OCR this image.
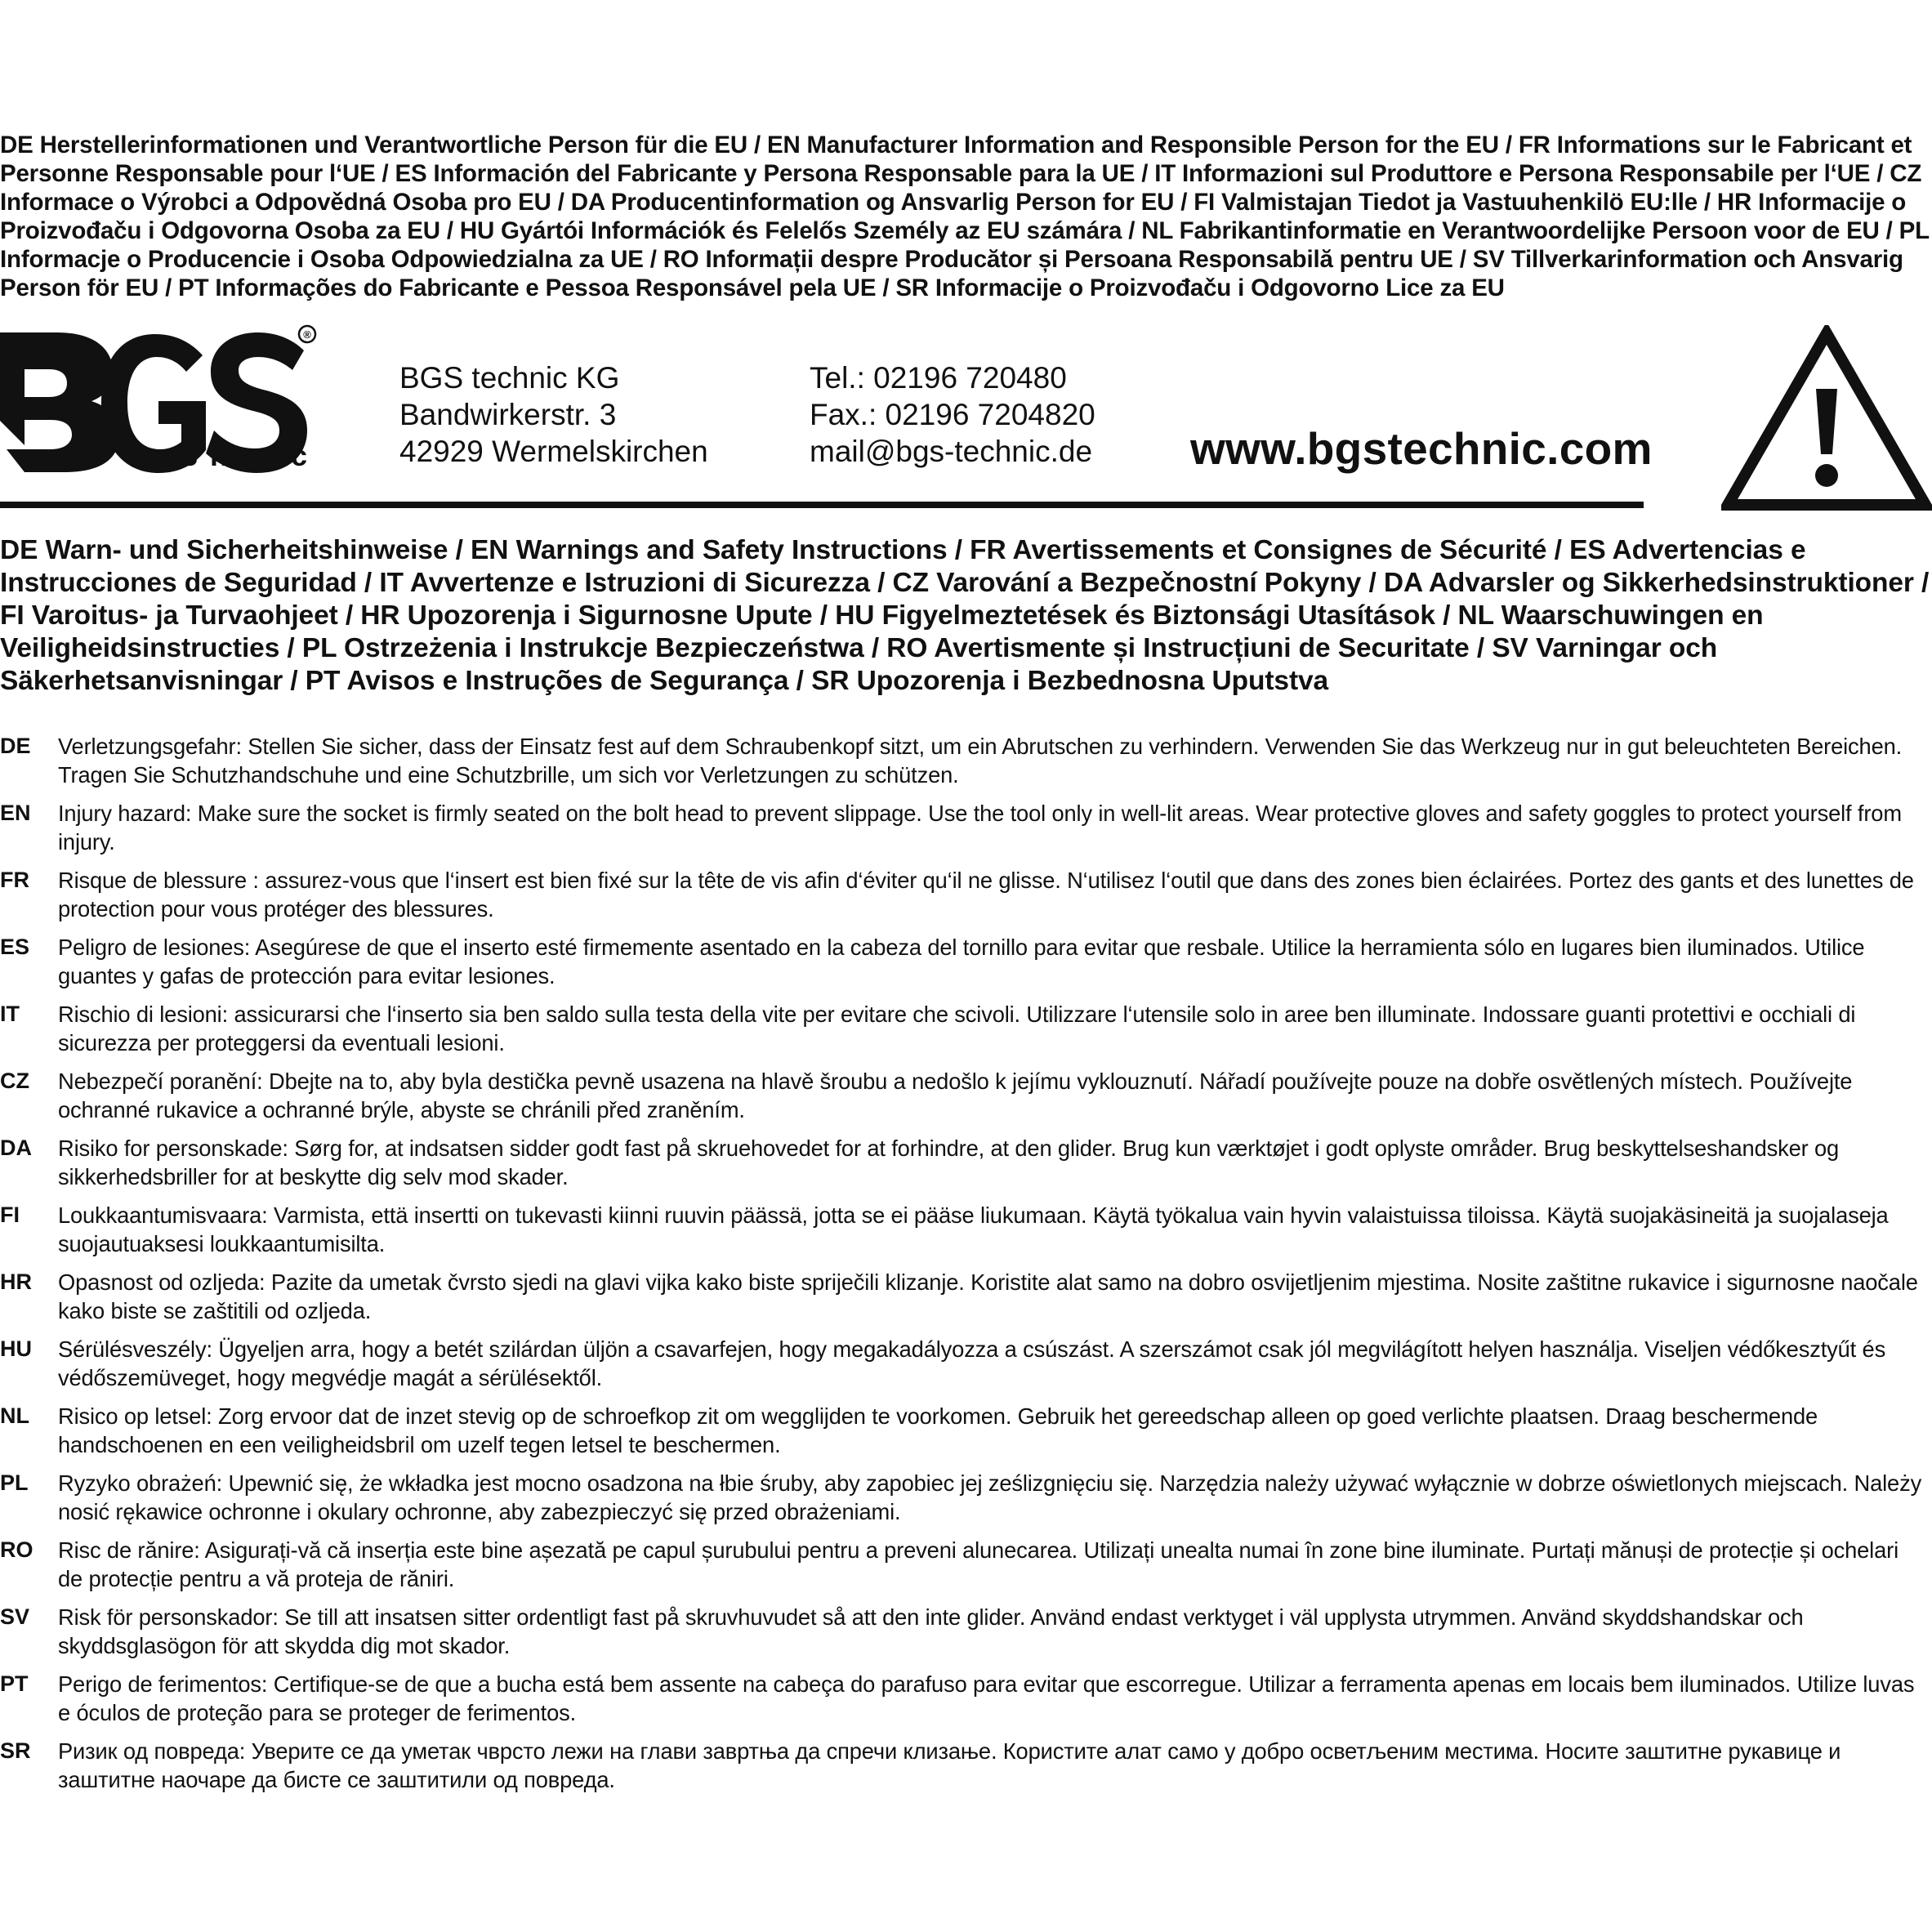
DE Herstellerinformationen und Verantwortliche Person für die EU / EN Manufacturer Information and Responsible Person for the EU / FR Informations sur le Fabricant et Personne Responsable pour l‘UE / ES Información del Fabricante y Persona Responsable para la UE / IT Informazioni sul Produttore e Persona Responsabile per l‘UE / CZ Informace o Výrobci a Odpovědná Osoba pro EU / DA Producentinformation og Ansvarlig Person for EU / FI Valmistajan Tiedot ja Vastuuhenkilö EU:lle / HR Informacije o Proizvođaču i Odgovorna Osoba za EU / HU Gyártói Információk és Felelős Személy az EU számára / NL Fabrikantinformatie en Verantwoordelijke Persoon voor de EU / PL Informacje o Producencie i Osoba Odpowiedzialna za UE / RO Informații despre Producător și Persoana Responsabilă pentru UE / SV Tillverkarinformation och Ansvarig Person för EU / PT Informações do Fabricante e Pessoa Responsável pela UE / SR Informacije o Proizvođaču i Odgovorno Lice za EU
®
technic
BGS technic KG
Bandwirkerstr. 3
42929 Wermelskirchen
Tel.: 02196 720480
Fax.: 02196 7204820
mail@bgs-technic.de www.bgstechnic.com
DE Warn- und Sicherheitshinweise / EN Warnings and Safety Instructions / FR Avertissements et Consignes de Sécurité / ES Advertencias e Instrucciones de Seguridad / IT Avvertenze e Istruzioni di Sicurezza / CZ Varování a Bezpečnostní Pokyny / DA Advarsler og Sikkerhedsinstruktioner / FI Varoitus- ja Turvaohjeet / HR Upozorenja i Sigurnosne Upute / HU Figyelmeztetések és Biztonsági Utasítások / NL Waarschuwingen en Veiligheidsinstructies / PL Ostrzeżenia i Instrukcje Bezpieczeństwa / RO Avertismente și Instrucțiuni de Securitate / SV Varningar och Säkerhetsanvisningar / PT Avisos e Instruções de Segurança / SR Upozorenja i Bezbednosna Uputstva
DE Verletzungsgefahr: Stellen Sie sicher, dass der Einsatz fest auf dem Schraubenkopf sitzt, um ein Abrutschen zu verhindern. Verwenden Sie das Werkzeug nur in gut beleuchteten Bereichen. Tragen Sie Schutzhandschuhe und eine Schutzbrille, um sich vor Verletzungen zu schützen.
EN Injury hazard: Make sure the socket is firmly seated on the bolt head to prevent slippage. Use the tool only in well-lit areas. Wear protective gloves and safety goggles to protect yourself from injury.
FR Risque de blessure : assurez-vous que l‘insert est bien fixé sur la tête de vis afin d‘éviter qu‘il ne glisse. N‘utilisez l‘outil que dans des zones bien éclairées. Portez des gants et des lunettes de protection pour vous protéger des blessures.
ES Peligro de lesiones: Asegúrese de que el inserto esté firmemente asentado en la cabeza del tornillo para evitar que resbale. Utilice la herramienta sólo en lugares bien iluminados. Utilice guantes y gafas de protección para evitar lesiones.
IT Rischio di lesioni: assicurarsi che l‘inserto sia ben saldo sulla testa della vite per evitare che scivoli. Utilizzare l‘utensile solo in aree ben illuminate. Indossare guanti protettivi e occhiali di sicurezza per proteggersi da eventuali lesioni.
CZ Nebezpečí poranění: Dbejte na to, aby byla destička pevně usazena na hlavě šroubu a nedošlo k jejímu vyklouznutí. Nářadí používejte pouze na dobře osvětlených místech. Používejte ochranné rukavice a ochranné brýle, abyste se chránili před zraněním.
DA Risiko for personskade: Sørg for, at indsatsen sidder godt fast på skruehovedet for at forhindre, at den glider. Brug kun værktøjet i godt oplyste områder. Brug beskyttelseshandsker og sikkerhedsbriller for at beskytte dig selv mod skader.
FI Loukkaantumisvaara: Varmista, että insertti on tukevasti kiinni ruuvin päässä, jotta se ei pääse liukumaan. Käytä työkalua vain hyvin valaistuissa tiloissa. Käytä suojakäsineitä ja suojalaseja suojautuaksesi loukkaantumisilta.
HR Opasnost od ozljeda: Pazite da umetak čvrsto sjedi na glavi vijka kako biste spriječili klizanje. Koristite alat samo na dobro osvijetljenim mjestima. Nosite zaštitne rukavice i sigurnosne naočale kako biste se zaštitili od ozljeda.
HU Sérülésveszély: Ügyeljen arra, hogy a betét szilárdan üljön a csavarfejen, hogy megakadályozza a csúszást. A szerszámot csak jól megvilágított helyen használja. Viseljen védőkesztyűt és védőszemüveget, hogy megvédje magát a sérülésektől.
NL Risico op letsel: Zorg ervoor dat de inzet stevig op de schroefkop zit om wegglijden te voorkomen. Gebruik het gereedschap alleen op goed verlichte plaatsen. Draag beschermende handschoenen en een veiligheidsbril om uzelf tegen letsel te beschermen.
PL Ryzyko obrażeń: Upewnić się, że wkładka jest mocno osadzona na łbie śruby, aby zapobiec jej ześlizgnięciu się. Narzędzia należy używać wyłącznie w dobrze oświetlonych miejscach. Należy nosić rękawice ochronne i okulary ochronne, aby zabezpieczyć się przed obrażeniami.
RO Risc de rănire: Asigurați-vă că inserția este bine așezată pe capul șurubului pentru a preveni alunecarea. Utilizați unealta numai în zone bine iluminate. Purtați mănuși de protecție și ochelari de protecție pentru a vă proteja de răniri.
SV Risk för personskador: Se till att insatsen sitter ordentligt fast på skruvhuvudet så att den inte glider. Använd endast verktyget i väl upplysta utrymmen. Använd skyddshandskar och skyddsglasögon för att skydda dig mot skador.
PT Perigo de ferimentos: Certifique-se de que a bucha está bem assente na cabeça do parafuso para evitar que escorregue. Utilizar a ferramenta apenas em locais bem iluminados. Utilize luvas e óculos de proteção para se proteger de ferimentos.
SR Ризик од повреда: Уверите се да уметак чврсто лежи на глави завртња да спречи клизање. Користите алат само у добро осветљеним местима. Носите заштитне рукавице и заштитне наочаре да бисте се заштитили од повреда.
